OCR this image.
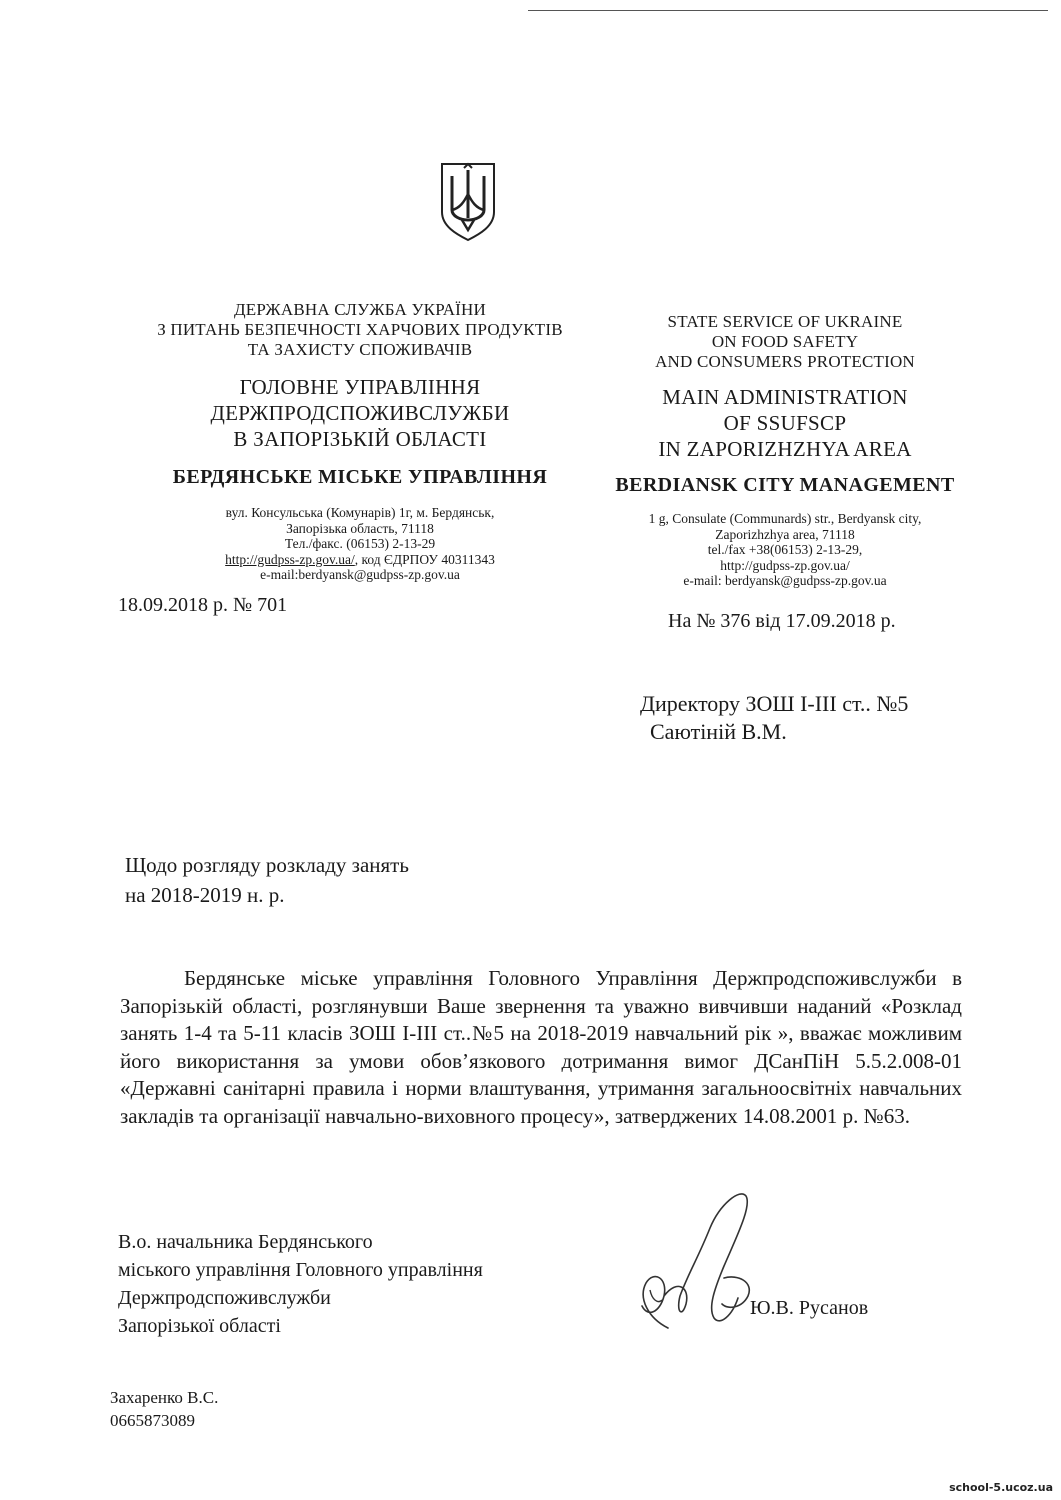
ДЕРЖАВНА СЛУЖБА УКРАЇНИ

З ПИТАНЬ БЕЗПЕЧНОСТІ ХАРЧОВИХ ПРОДУКТІВ

ТА ЗАХИСТУ СПОЖИВАЧІВ

ГОЛОВНЕ УПРАВЛІННЯ

ДЕРЖПРОДСПОЖИВСЛУЖБИ

В ЗАПОРІЗЬКІЙ ОБЛАСТІ

БЕРДЯНСЬКЕ МІСЬКЕ УПРАВЛІННЯ

вул. Консульська (Комунарів) 1г, м. Бердянськ,

Запорізька область, 71118

Тел./факс. (06153) 2-13-29

http://gudpss-zp.gov.ua/, код ЄДРПОУ 40311343

e-mail:berdyansk@gudpss-zp.gov.ua

18.09.2018 р. № 701

STATE SERVICE OF UKRAINE

ON FOOD SAFETY

AND CONSUMERS PROTECTION

MAIN ADMINISTRATION

OF SSUFSCP

IN ZAPORIZHZHYA AREA

BERDIANSK CITY MANAGEMENT

1 g, Consulate (Communards) str., Berdyansk city,

Zaporizhzhya area, 71118

tel./fax +38(06153) 2-13-29,

http://gudpss-zp.gov.ua/

e-mail: berdyansk@gudpss-zp.gov.ua

На № 376 від 17.09.2018 р.
Директору ЗОШ І-ІІІ ст.. №5
Саютіній В.М.
Щодо розгляду розкладу занять
на 2018-2019 н. р.
Бердянське міське управління Головного Управління Держпродспоживслужби в Запорізькій області, розглянувши Ваше звернення та уважно вивчивши наданий «Розклад занять 1-4 та 5-11 класів ЗОШ І-ІІІ ст..№5 на 2018-2019 навчальний рік », вважає можливим його використання за умови обов’язкового дотримання вимог ДСанПіН 5.5.2.008-01 «Державні санітарні правила і норми влаштування, утримання загальноосвітніх навчальних закладів та організації навчально-виховного процесу», затверджених 14.08.2001 р. №63.
В.о. начальника Бердянського
міського управління Головного управління
Держпродспоживслужби
Запорізької області
Ю.В. Русанов
Захаренко В.С.
0665873089
school-5.ucoz.ua
